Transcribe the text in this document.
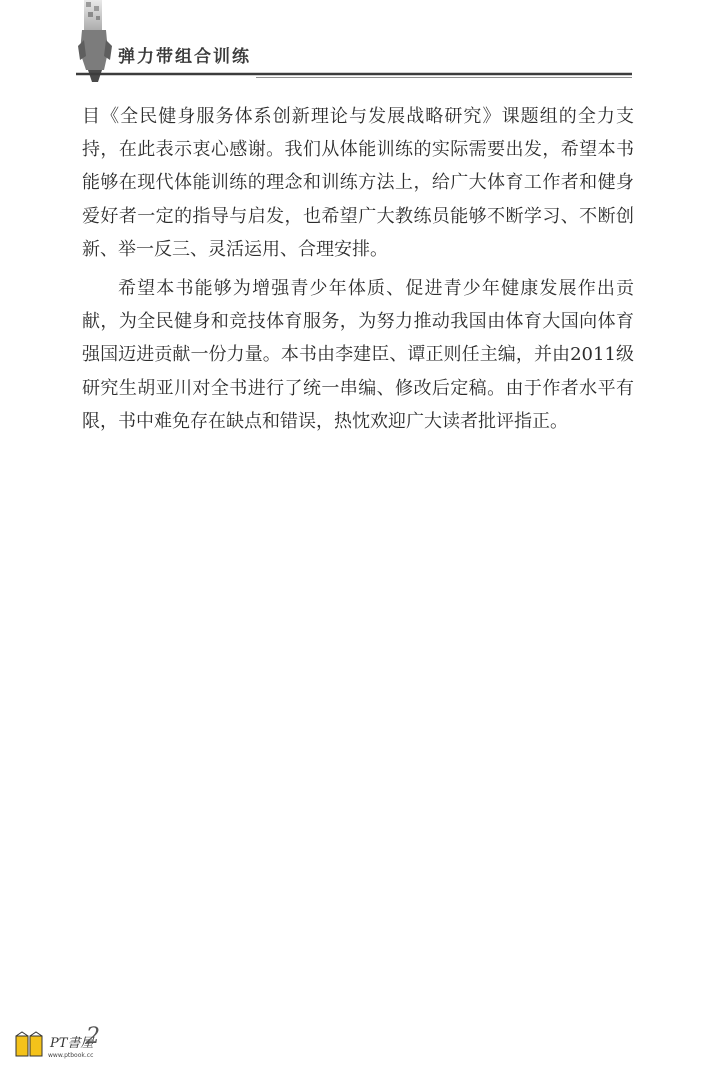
弹力带组合训练

目《全民健身服务体系创新理论与发展战略研究》课题组的全力支持，在此表示衷心感谢。我们从体能训练的实际需要出发，希望本书能够在现代体能训练的理念和训练方法上，给广大体育工作者和健身爱好者一定的指导与启发，也希望广大教练员能够不断学习、不断创新、举一反三、灵活运用、合理安排。

希望本书能够为增强青少年体质、促进青少年健康发展作出贡献，为全民健身和竞技体育服务，为努力推动我国由体育大国向体育强国迈进贡献一份力量。本书由李建臣、谭正则任主编，并由2011级研究生胡亚川对全书进行了统一串编、修改后定稿。由于作者水平有限，书中难免存在缺点和错误，热忱欢迎广大读者批评指正。

PT書屋
www.ptbook.cc
2
